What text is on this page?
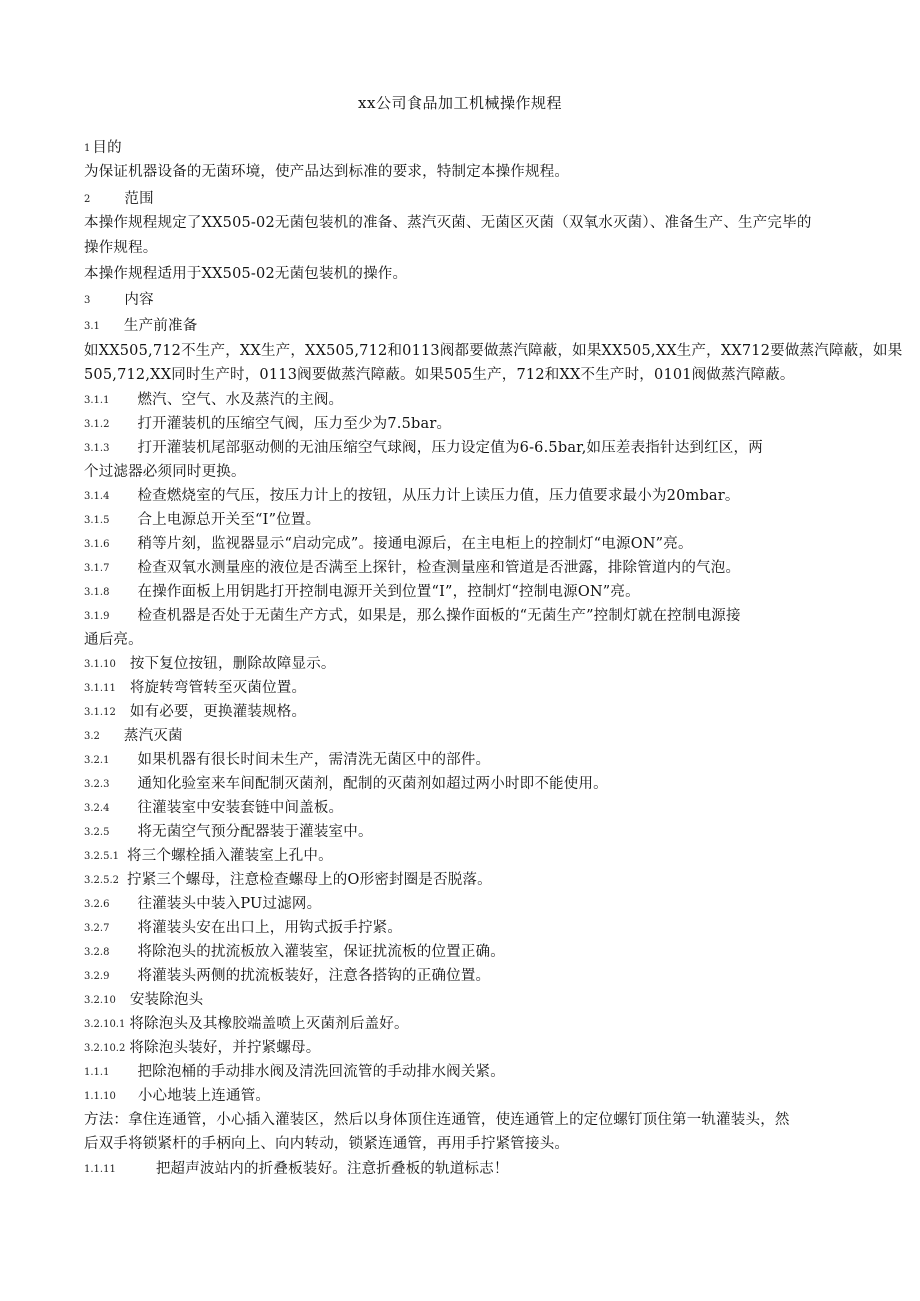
xx公司食品加工机械操作规程
1 目的
为保证机器设备的无菌环境，使产品达到标准的要求，特制定本操作规程。
2 范围
本操作规程规定了XX505-02无菌包装机的准备、蒸汽灭菌、无菌区灭菌（双氧水灭菌）、准备生产、生产完毕的
操作规程。
本操作规程适用于XX505-02无菌包装机的操作。
3 内容
3.1 生产前准备
如XX505,712不生产，XX生产，XX505,712和0113阀都要做蒸汽障蔽，如果XX505,XX生产，XX712要做蒸汽障蔽，如果
505,712,XX同时生产时，0113阀要做蒸汽障蔽。如果505生产，712和XX不生产时，0101阀做蒸汽障蔽。
3.1.1 燃汽、空气、水及蒸汽的主阀。
3.1.2 打开灌装机的压缩空气阀，压力至少为7.5bar。
3.1.3 打开灌装机尾部驱动侧的无油压缩空气球阀，压力设定值为6-6.5bar,如压差表指针达到红区，两
个过滤器必须同时更换。
3.1.4 检查燃烧室的气压，按压力计上的按钮，从压力计上读压力值，压力值要求最小为20mbar。
3.1.5 合上电源总开关至“I”位置。
3.1.6 稍等片刻，监视器显示“启动完成”。接通电源后，在主电柜上的控制灯“电源ON”亮。
3.1.7 检查双氧水测量座的液位是否满至上探针，检查测量座和管道是否泄露，排除管道内的气泡。
3.1.8 在操作面板上用钥匙打开控制电源开关到位置“I”，控制灯“控制电源ON”亮。
3.1.9 检查机器是否处于无菌生产方式，如果是，那么操作面板的“无菌生产”控制灯就在控制电源接
通后亮。
3.1.10 按下复位按钮，删除故障显示。
3.1.11 将旋转弯管转至灭菌位置。
3.1.12 如有必要，更换灌装规格。
3.2 蒸汽灭菌
3.2.1 如果机器有很长时间未生产，需清洗无菌区中的部件。
3.2.3 通知化验室来车间配制灭菌剂，配制的灭菌剂如超过两小时即不能使用。
3.2.4 往灌装室中安装套链中间盖板。
3.2.5 将无菌空气预分配器装于灌装室中。
3.2.5.1 将三个螺栓插入灌装室上孔中。
3.2.5.2 拧紧三个螺母，注意检查螺母上的O形密封圈是否脱落。
3.2.6 往灌装头中装入PU过滤网。
3.2.7 将灌装头安在出口上，用钩式扳手拧紧。
3.2.8 将除泡头的扰流板放入灌装室，保证扰流板的位置正确。
3.2.9 将灌装头两侧的扰流板装好，注意各搭钩的正确位置。
3.2.10 安装除泡头
3.2.10.1 将除泡头及其橡胶端盖喷上灭菌剂后盖好。
3.2.10.2 将除泡头装好，并拧紧螺母。
1.1.1 把除泡桶的手动排水阀及清洗回流管的手动排水阀关紧。
1.1.10 小心地装上连通管。
方法：拿住连通管，小心插入灌装区，然后以身体顶住连通管，使连通管上的定位螺钉顶住第一轨灌装头，然
后双手将锁紧杆的手柄向上、向内转动，锁紧连通管，再用手拧紧管接头。
1.1.11	把超声波站内的折叠板装好。注意折叠板的轨道标志！
